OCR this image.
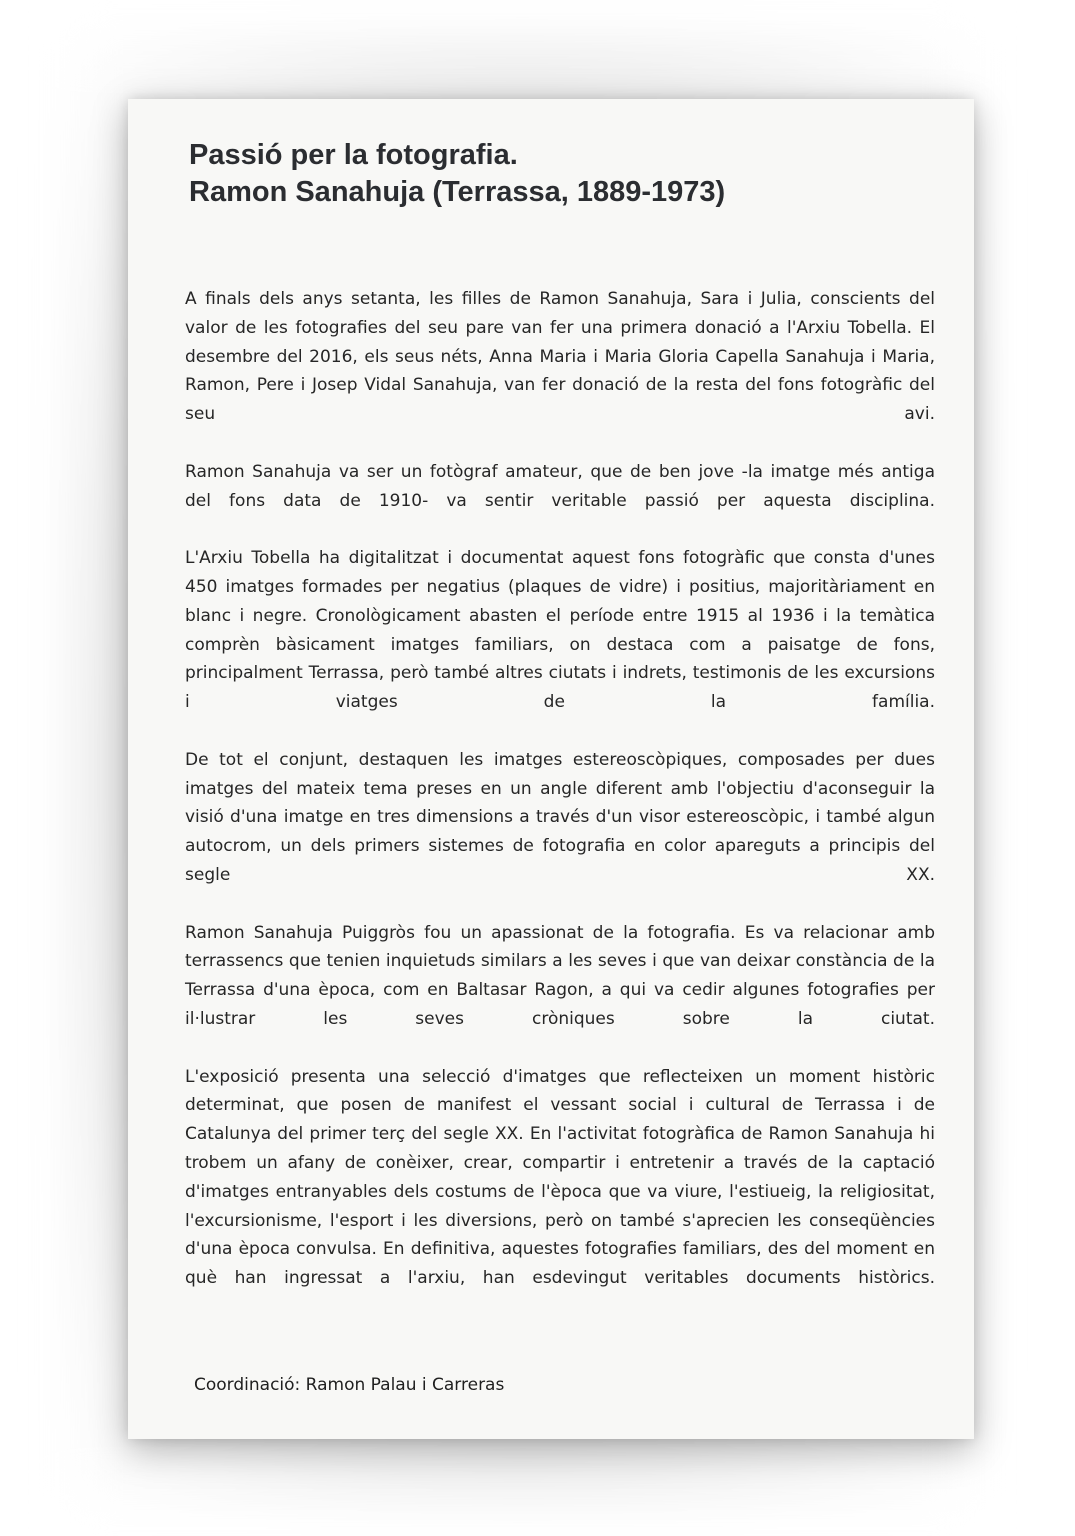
Passió per la fotografia.
Ramon Sanahuja (Terrassa, 1889-1973)

A finals dels anys setanta, les filles de Ramon Sanahuja, Sara i Julia, conscients del valor de les fotografies del seu pare van fer una primera donació a l'Arxiu Tobella. El desembre del 2016, els seus néts, Anna Maria i Maria Gloria Capella Sanahuja i Maria, Ramon, Pere i Josep Vidal Sanahuja, van fer donació de la resta del fons fotogràfic del seu avi.

Ramon Sanahuja va ser un fotògraf amateur, que de ben jove -la imatge més antiga del fons data de 1910- va sentir veritable passió per aquesta disciplina.

L'Arxiu Tobella ha digitalitzat i documentat aquest fons fotogràfic que consta d'unes 450 imatges formades per negatius (plaques de vidre) i positius, majoritàriament en blanc i negre. Cronològicament abasten el període entre 1915 al 1936 i la temàtica comprèn bàsicament imatges familiars, on destaca com a paisatge de fons, principalment Terrassa, però també altres ciutats i indrets, testimonis de les excursions i viatges de la família.

De tot el conjunt, destaquen les imatges estereoscòpiques, composades per dues imatges del mateix tema preses en un angle diferent amb l'objectiu d'aconseguir la visió d'una imatge en tres dimensions a través d'un visor estereoscòpic, i també algun autocrom, un dels primers sistemes de fotografia en color apareguts a principis del segle XX.

Ramon Sanahuja Puiggròs fou un apassionat de la fotografia. Es va relacionar amb terrassencs que tenien inquietuds similars a les seves i que van deixar constància de la Terrassa d'una època, com en Baltasar Ragon, a qui va cedir algunes fotografies per il·lustrar les seves cròniques sobre la ciutat.

L'exposició presenta una selecció d'imatges que reflecteixen un moment històric determinat, que posen de manifest el vessant social i cultural de Terrassa i de Catalunya del primer terç del segle XX. En l'activitat fotogràfica de Ramon Sanahuja hi trobem un afany de conèixer, crear, compartir i entretenir a través de la captació d'imatges entranyables dels costums de l'època que va viure, l'estiueig, la religiositat, l'excursionisme, l'esport i les diversions, però on també s'aprecien les conseqüències d'una època convulsa. En definitiva, aquestes fotografies familiars, des del moment en què han ingressat a l'arxiu, han esdevingut veritables documents històrics.

Coordinació: Ramon Palau i Carreras
